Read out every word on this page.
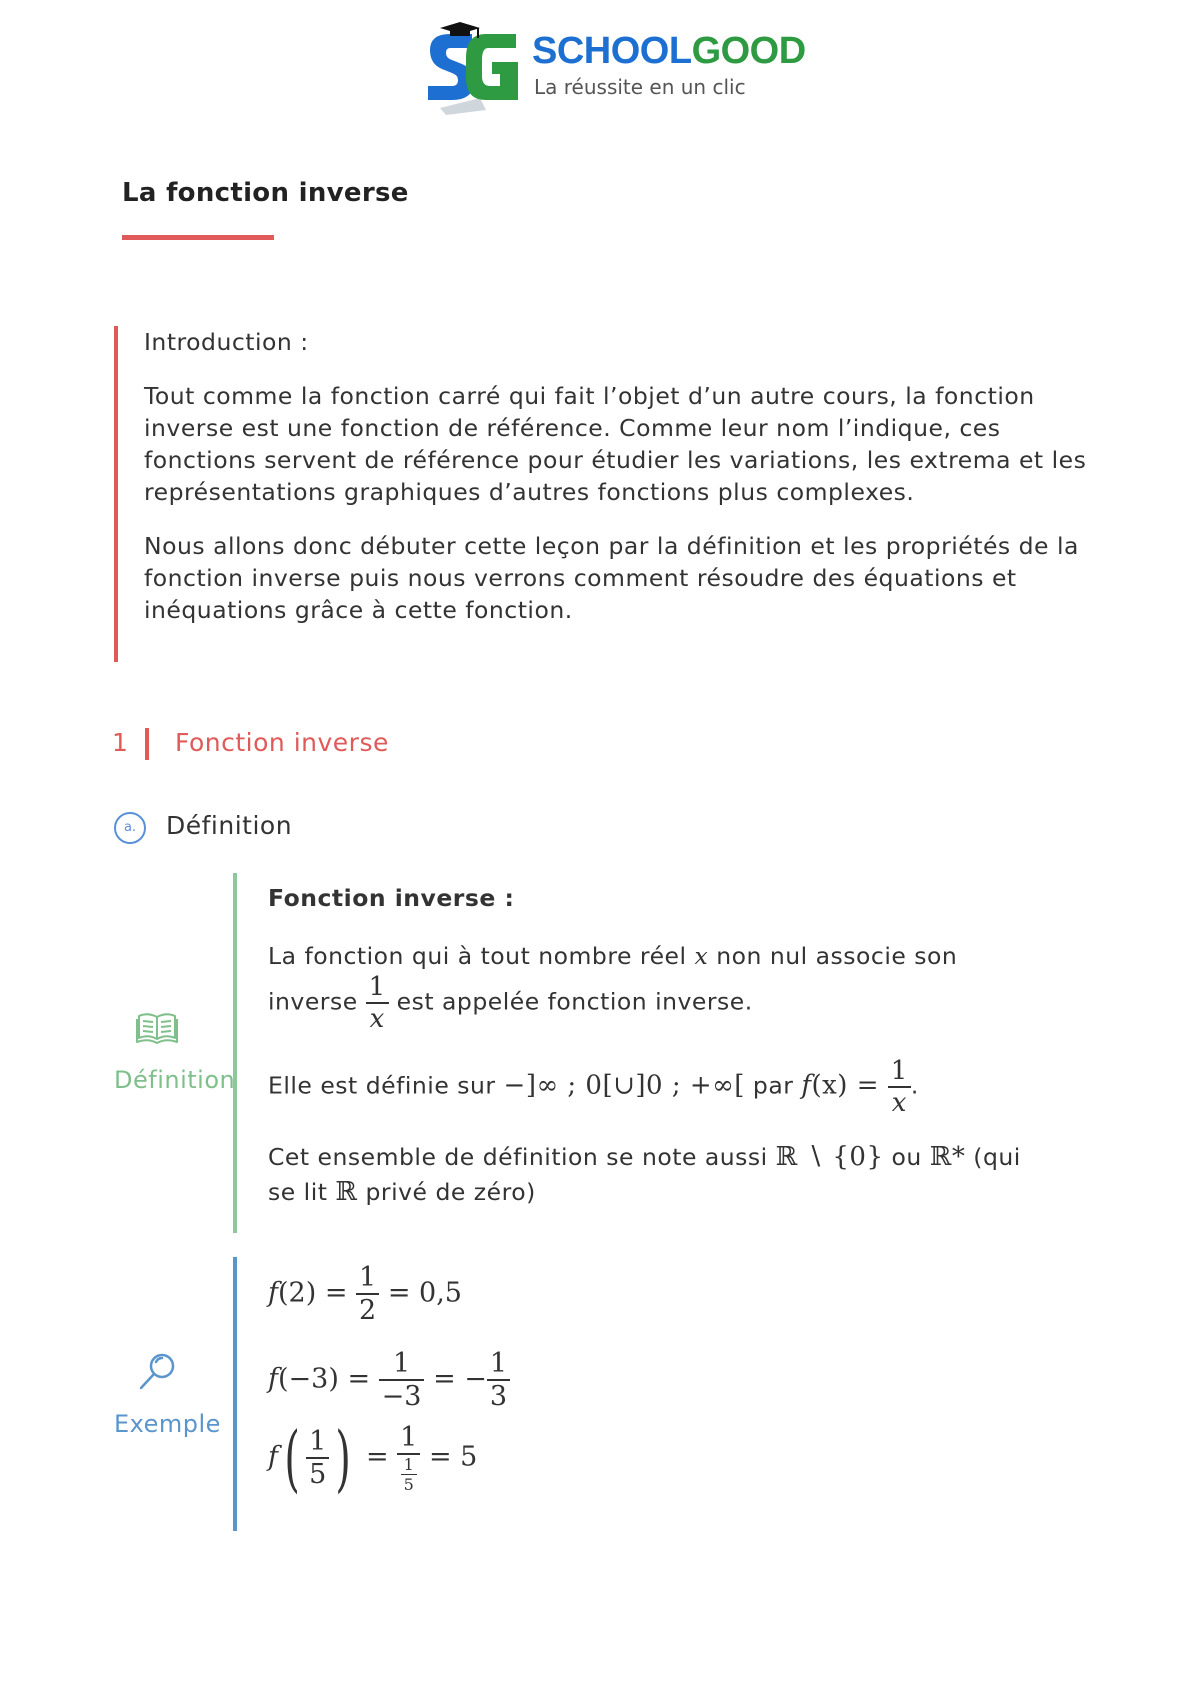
SCHOOLGOOD
La réussite en un clic
La fonction inverse

Introduction :

Tout comme la fonction carré qui fait l’objet d’un autre cours, la fonction inverse est une fonction de référence. Comme leur nom l’indique, ces fonctions servent de référence pour étudier les variations, les extrema et les représentations graphiques d’autres fonctions plus complexes.

Nous allons donc débuter cette leçon par la définition et les propriétés de la fonction inverse puis nous verrons comment résoudre des équations et inéquations grâce à cette fonction.

1 Fonction inverse
a.	Définition
Définition
Fonction inverse :
La fonction qui à tout nombre réel x non nul associe son
inverse $\frac{1}{x}$ est appelée fonction inverse.
Elle est définie sur −]∞ ; 0[∪]0 ; +∞[ par $f(x) = \frac{1}{x}$ .
Cet ensemble de définition se note aussi ℝ ∖ {0} ou ℝ* (qui
se lit ℝ privé de zéro)
Exemple
$f(2) = \frac{1}{2} = 0,5$
$f(-3) = \frac{1}{-3}$ = − $\frac{1}{3}$
$f( \frac{1}{5}$ ) = $\frac{1}{\frac{1}{5}} = 5$
